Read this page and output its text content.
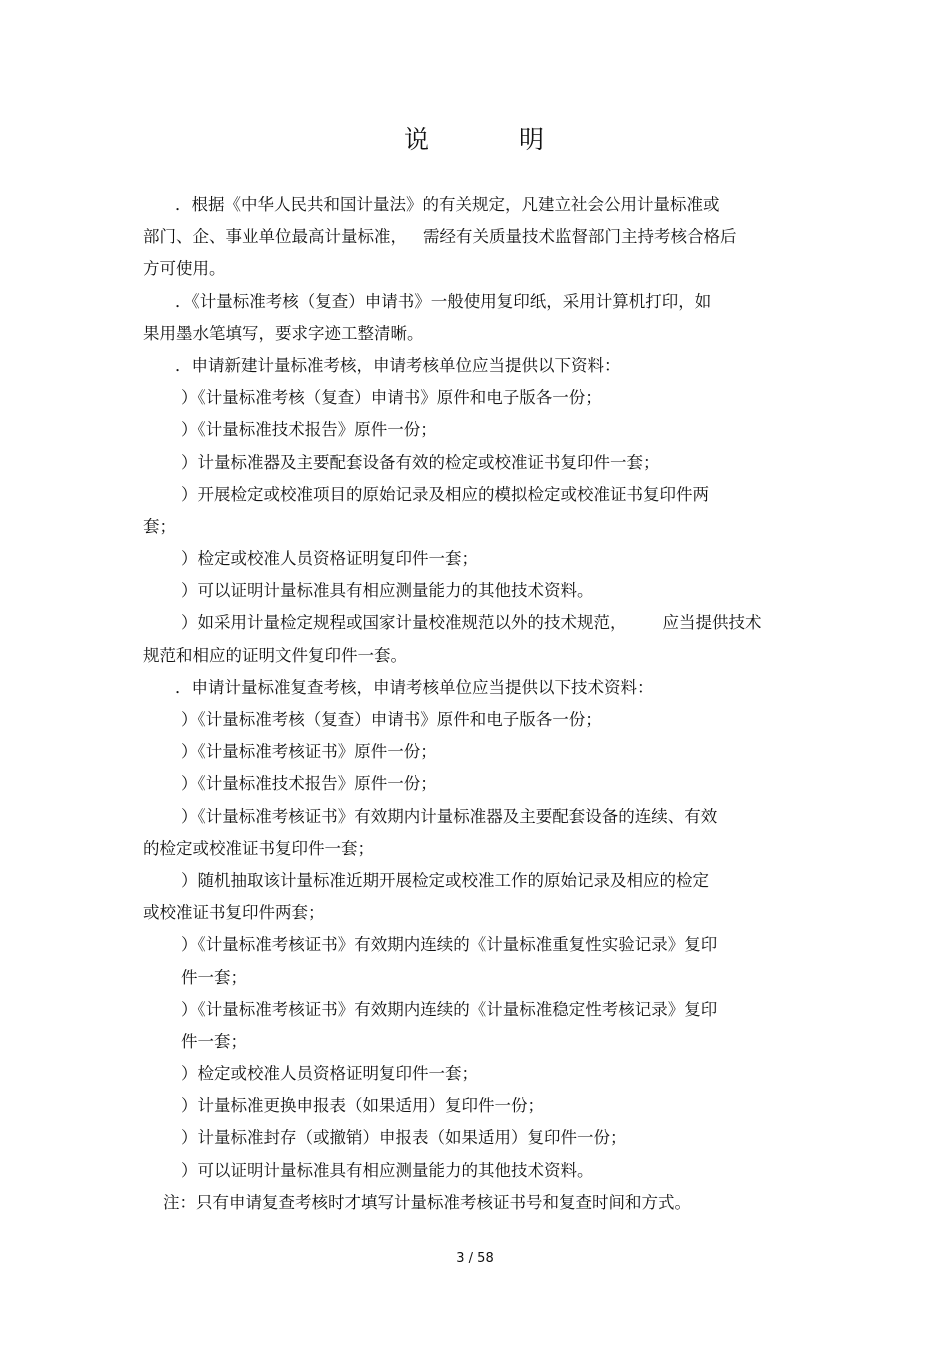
说	明
．根据《中华人民共和国计量法》的有关规定，凡建立社会公用计量标准或
部门、企、事业单位最高计量标准， 需经有关质量技术监督部门主持考核合格后
方可使用。
．《计量标准考核（复查）申请书》一般使用复印纸，采用计算机打印，如
果用墨水笔填写，要求字迹工整清晰。
．申请新建计量标准考核，申请考核单位应当提供以下资料：
）《计量标准考核（复查）申请书》原件和电子版各一份；
）《计量标准技术报告》原件一份；
）计量标准器及主要配套设备有效的检定或校准证书复印件一套；
）开展检定或校准项目的原始记录及相应的模拟检定或校准证书复印件两
套；
）检定或校准人员资格证明复印件一套；
）可以证明计量标准具有相应测量能力的其他技术资料。
）如采用计量检定规程或国家计量校准规范以外的技术规范， 应当提供技术
规范和相应的证明文件复印件一套。
．申请计量标准复查考核，申请考核单位应当提供以下技术资料：
）《计量标准考核（复查）申请书》原件和电子版各一份；
）《计量标准考核证书》原件一份；
）《计量标准技术报告》原件一份；
）《计量标准考核证书》有效期内计量标准器及主要配套设备的连续、有效
的检定或校准证书复印件一套；
）随机抽取该计量标准近期开展检定或校准工作的原始记录及相应的检定
或校准证书复印件两套；
）《计量标准考核证书》有效期内连续的《计量标准重复性实验记录》复印
件一套；
）《计量标准考核证书》有效期内连续的《计量标准稳定性考核记录》复印
件一套；
）检定或校准人员资格证明复印件一套；
）计量标准更换申报表（如果适用）复印件一份；
）计量标准封存（或撤销）申报表（如果适用）复印件一份；
）可以证明计量标准具有相应测量能力的其他技术资料。
注：只有申请复查考核时才填写计量标准考核证书号和复查时间和方式。
3 / 58
